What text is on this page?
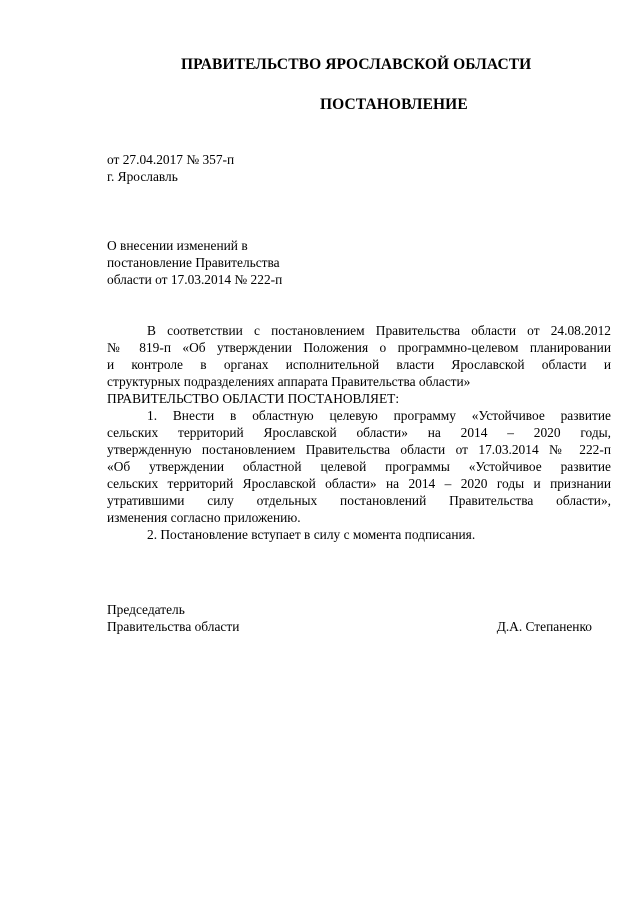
ПРАВИТЕЛЬСТВО ЯРОСЛАВСКОЙ ОБЛАСТИ
ПОСТАНОВЛЕНИЕ
от 27.04.2017 № 357-п
г. Ярославль
О внесении изменений в
постановление Правительства
области от 17.03.2014 № 222-п
В соответствии с постановлением Правительства области от 24.08.2012
№ 819-п «Об утверждении Положения о программно-целевом планировании
и контроле в органах исполнительной власти Ярославской области и
структурных подразделениях аппарата Правительства области»
ПРАВИТЕЛЬСТВО ОБЛАСТИ ПОСТАНОВЛЯЕТ:
1. Внести в областную целевую программу «Устойчивое развитие
сельских территорий Ярославской области» на 2014 – 2020 годы,
утвержденную постановлением Правительства области от 17.03.2014 № 222-п
«Об утверждении областной целевой программы «Устойчивое развитие
сельских территорий Ярославской области» на 2014 – 2020 годы и признании
утратившими силу отдельных постановлений Правительства области»,
изменения согласно приложению.
2. Постановление вступает в силу с момента подписания.
Председатель
Правительства области	Д.А. Степаненко
